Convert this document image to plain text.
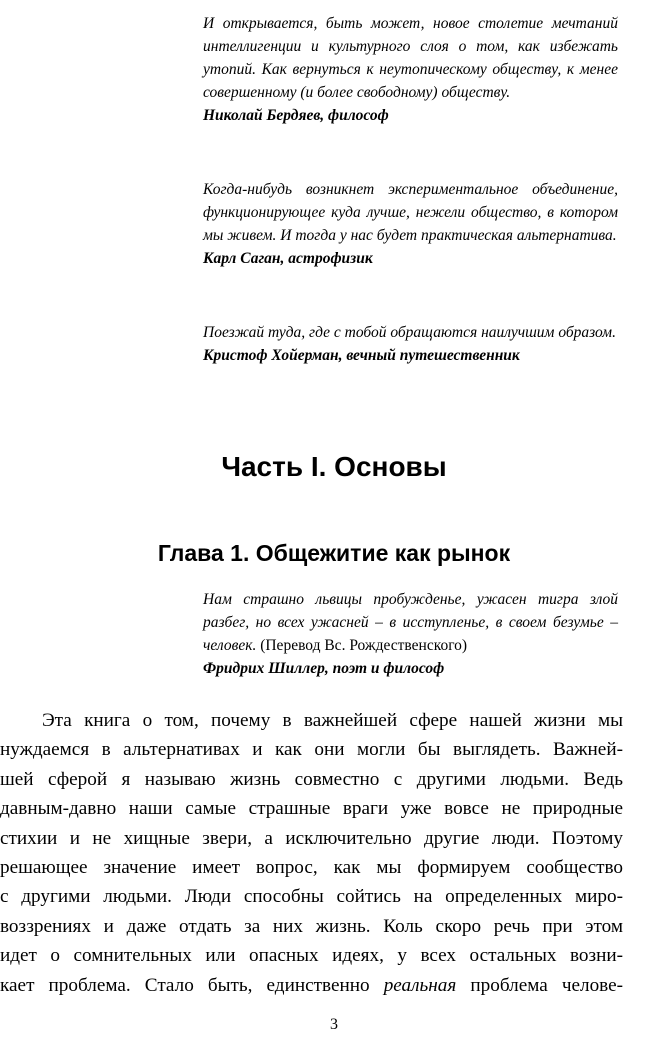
И открывается, быть может, новое столетие мечтаний интеллигенции и культурного слоя о том, как избежать утопий. Как вернуться к неутопическому обществу, к менее совершенному (и более свободному) обществу.

Николай Бердяев, философ

Когда-нибудь возникнет экспериментальное объединение, функционирующее куда лучше, нежели общество, в котором мы живем. И тогда у нас будет практическая альтернатива.

Карл Саган, астрофизик

Поезжай туда, где с тобой обращаются наилучшим образом.

Кристоф Хойерман, вечный путешественник

Часть I. Основы
Глава 1. Общежитие как рынок

Нам страшно львицы пробужденье, ужасен тигра злой разбег, но всех ужасней – в исступленье, в своем безумье – человек. (Перевод Вс. Рождественского)

Фридрих Шиллер, поэт и философ

Эта книга о том, почему в важнейшей сфере нашей жизни мы
нуждаемся в альтернативах и как они могли бы выглядеть. Важней-
шей сферой я называю жизнь совместно с другими людьми. Ведь
давным-давно наши самые страшные враги уже вовсе не природные
стихии и не хищные звери, а исключительно другие люди. Поэтому
решающее значение имеет вопрос, как мы формируем сообщество
с другими людьми. Люди способны сойтись на определенных миро-
воззрениях и даже отдать за них жизнь. Коль скоро речь при этом
идет о сомнительных или опасных идеях, у всех остальных возни-
кает проблема. Стало быть, единственно реальная проблема челове-
3
